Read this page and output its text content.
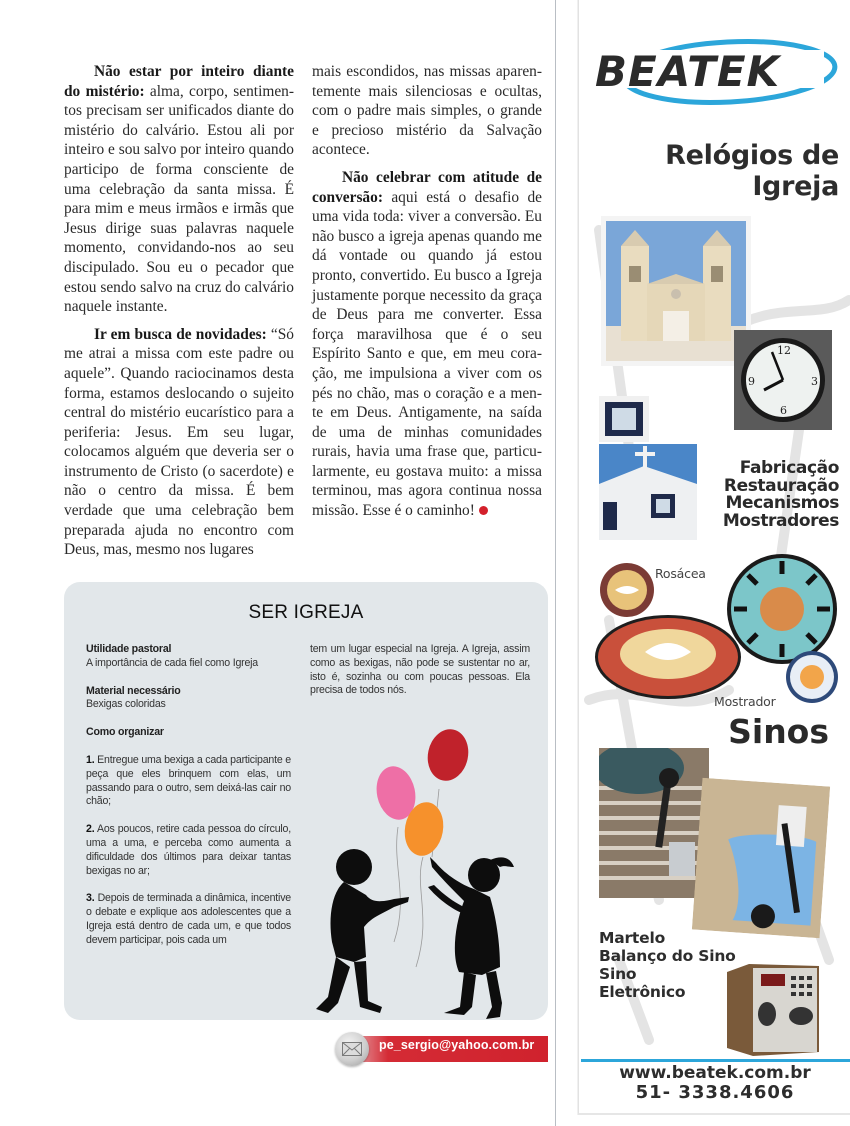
Não estar por inteiro diante do mistério: alma, corpo, sentimentos precisam ser unificados diante do mistério do calvário. Estou ali por inteiro e sou salvo por inteiro quando participo de forma consciente de uma celebração da santa missa. É para mim e meus irmãos e irmãs que Jesus dirige suas palavras naquele momento, convidando-nos ao seu discipulado. Sou eu o pecador que estou sendo salvo na cruz do calvário naquele instante.

Ir em busca de novidades: “Só me atrai a missa com este padre ou aquele”. Quando raciocinamos desta forma, estamos deslocando o sujeito central do mistério eucarístico para a periferia: Jesus. Em seu lugar, colocamos alguém que deveria ser o instrumento de Cristo (o sacerdote) e não o centro da missa. É bem verdade que uma celebração bem preparada ajuda no encontro com Deus, mas, mesmo nos lugares

mais escondidos, nas missas aparentemente mais silenciosas e ocultas, com o padre mais simples, o grande e precioso mistério da Salvação acontece.

Não celebrar com atitude de conversão: aqui está o desafio de uma vida toda: viver a conversão. Eu não busco a igreja apenas quando me dá vontade ou quando já estou pronto, convertido. Eu busco a Igreja justamente porque necessito da graça de Deus para me converter. Essa força maravilhosa que é o seu Espírito Santo e que, em meu coração, me impulsiona a viver com os pés no chão, mas o coração e a mente em Deus. Antigamente, na saída de uma de minhas comunidades rurais, havia uma frase que, particularmente, eu gostava muito: a missa terminou, mas agora continua nossa missão. Esse é o caminho!

SER IGREJA
Utilidade pastoral
A importância de cada fiel como Igreja
Material necessário
Bexigas coloridas
Como organizar
1. Entregue uma bexiga a cada participante e peça que eles brinquem com elas, um passando para o outro, sem deixá-las cair no chão;
2. Aos poucos, retire cada pessoa do círculo, uma a uma, e perceba como aumenta a dificuldade dos últimos para deixar tantas bexigas no ar;
3. Depois de terminada a dinâmica, incentive o debate e explique aos adolescentes que a Igreja está dentro de cada um, e que todos devem participar, pois cada um
tem um lugar especial na Igreja. A Igreja, assim como as bexigas, não pode se sustentar no ar, isto é, sozinha ou com poucas pessoas. Ela precisa de todos nós.
pe_sergio@yahoo.com.br
BEATEK
Relógios de
Igreja
12
3
6
9
Fabricação
Restauração
Mecanismos
Mostradores
Rosácea
Mostrador
Sinos
Martelo
Balanço do Sino
Sino
Eletrônico
www.beatek.com.br
51- 3338.4606
